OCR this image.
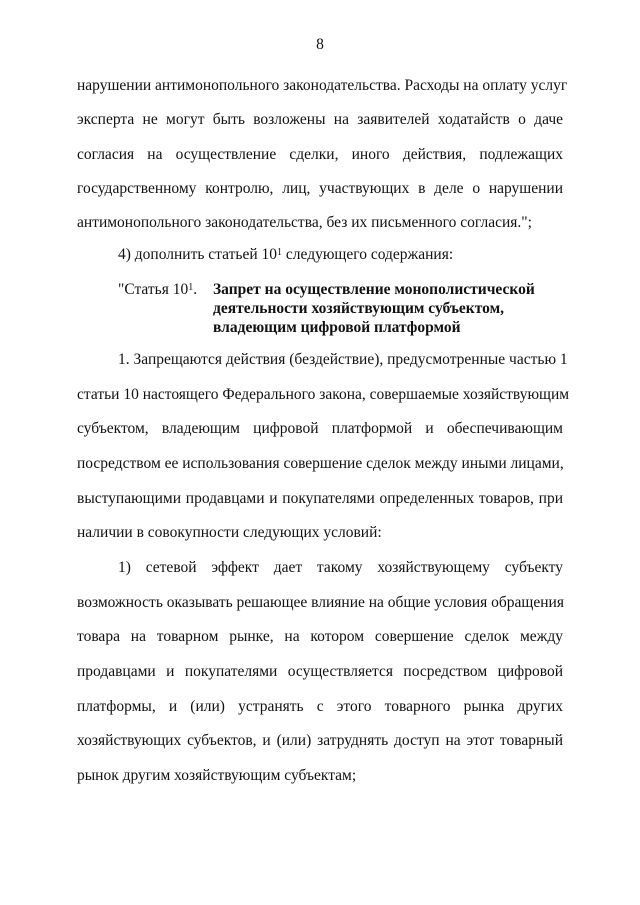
8
нарушении антимонопольного законодательства. Расходы на оплату услуг
эксперта не могут быть возложены на заявителей ходатайств о даче
согласия на осуществление сделки, иного действия, подлежащих
государственному контролю, лиц, участвующих в деле о нарушении
антимонопольного законодательства, без их письменного согласия.";
4) дополнить статьей $10^1$ следующего содержания:
"Статья $10^1$. Запрет на осуществление монополистической
деятельности хозяйствующим субъектом,
владеющим цифровой платформой
1. Запрещаются действия (бездействие), предусмотренные частью 1
статьи 10 настоящего Федерального закона, совершаемые хозяйствующим
субъектом, владеющим цифровой платформой и обеспечивающим
посредством ее использования совершение сделок между иными лицами,
выступающими продавцами и покупателями определенных товаров, при
наличии в совокупности следующих условий:
1) сетевой эффект дает такому хозяйствующему субъекту
возможность оказывать решающее влияние на общие условия обращения
товара на товарном рынке, на котором совершение сделок между
продавцами и покупателями осуществляется посредством цифровой
платформы, и (или) устранять с этого товарного рынка других
хозяйствующих субъектов, и (или) затруднять доступ на этот товарный
рынок другим хозяйствующим субъектам;
